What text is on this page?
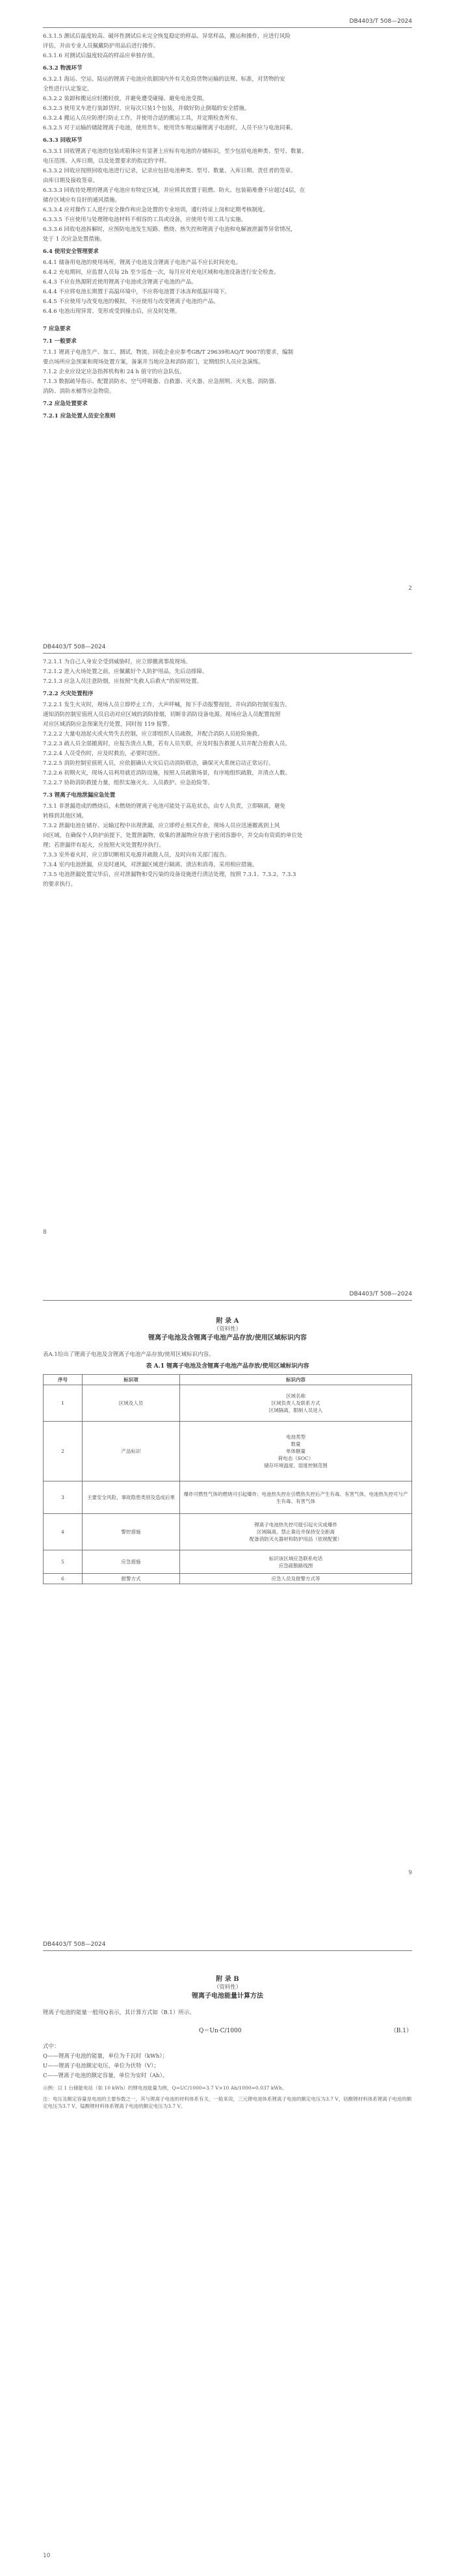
DB4403/T 508—2024

6.3.1.5 测试后温度较高、破坏性测试后未完全恢复稳定的样品、异常样品，搬运和操作，应进行风险

评估，并由专业人员佩戴防护用品后进行操作。

6.3.1.6 对测试后温度较高的样品应单独存放。

6.3.2 物流环节

6.3.2.1 海运、空运、陆运的锂离子电池应依据国内外有关危险货物运输的法规、标准，对货物的安

全性进行认定鉴定。

6.3.2.2 装卸和搬运应轻搬轻放，并避免遭受碰撞、避免电池受损。

6.3.2.3 使用叉车进行装卸货时，应每次只装1个包装，并做好防止倒塌的安全措施。

6.3.2.4 搬运人员应防滑行防止工作，并使用合适的搬运工具，并定期检查所有。

6.3.2.5 对于运输的储能锂离子电池，使用货车，使用货车规运输锂离子电池时，人员不应与电池同乘。

6.3.3 回收环节

6.3.3.1 回收锂离子电池的包装或箱体应有显著上应标有电池的存储标识，至少包括电池种类、型号、数量、

电压范围、入库日期，以及处置要求的指定的字样。

6.3.3.2 回收应按照回收电池进行记录，记录应包括电池种类、型号、数量、入库日期、责任者的签章。

由库日期及接收签章。

6.3.3.3 回收待处理的锂离子电池应有特定区域，并应将其放置于阻燃、防火、包装箱堆叠不应超过4层，在

储存区域应有良好的通风措施。

6.3.3.4 应对操作工人进行安全操作和应急处置的专业培训，遵行持证上岗和定期考核制度。

6.3.3.5 不应使用与处理锂电池材料不相容的工具或设备，应使用专用工具与实施。

6.3.3.6 回收电池拆解时，应预防电池发生短路、燃烧、热失控和锂离子电池和电解液泄漏等异常情况，

处于 1 次应急处置措施。

6.4 使用安全管理要求

6.4.1 储备用电池的使用场所，锂离子电池及含锂离子电池产品不应长时间充电。

6.4.2 充电期间，应监督人员每 2h 至少巡查一次，每月应对充电区域和电池设备进行安全检查。

6.4.3 不应在热源附近使用锂离子电池或含锂离子电池的产品。

6.4.4 不应将电池长期置于高温环境中，不应将电池置于冰冻和低温环境下。

6.4.5 不应使用与改变电池的模拟，不应使用与改变锂离子电池的产品。

6.4.6 电池出现异常、变形或受到撞击后，应及时处理。

7 应急要求

7.1 一般要求

7.1.1 锂离子电池生产、加工、测试、物流、回收企业应参考GB/T 29639和AQ/T 9007的要求，编制

要点场所应急预案和现场处置方案，备案并当地应急和消防部门，定期组织人员应急演练。

7.1.2 企业应设定应急指挥机构和 24 h 值守的应急队伍。

7.1.3 数据疏导指示、配置消防水、空气呼吸器、自救器、灭火器、应急照明、灭火毯、消防器、

消防、消防水桶等应急物资。

7.2 应急处置要求

7.2.1 应急处置人员安全准则

2
DB4403/T 508—2024

7.2.1.1 为自己人身安全受到威胁时，应立即撤离事故现场。

7.2.1.2 进入火场处置之前，应佩戴好个人防护用品，先后动排障。

7.2.1.3 应急人员注意防烟，应按照“先救人后救火”的原则处置。

7.2.2 火灾处置程序

7.2.2.1 发生火灾时，现场人员立即停止工作，大声呼喊，按下手动报警按钮，并向消防控制室报告，

通知消防控制室值班人员启动对应区域的消防排烟，切断非消防设备电源。现场应急人员配置按照

对应区域消防应急预案先行处置，同时按 119 报警。

7.2.2.2 大量电池起火或火势失去控制，应立即组织人员疏散，并配合消防人员抢险施救。

7.2.2.3 疏人员全部撤离时，应报告清点人数，若有人员失联，应及时报告救援人员并配合抢救人员。

7.2.2.4 人员受伤时，应及时救治，必要时送医。

7.2.2.5 消防控制室值班人员，应依据确认火灾后启动消防联动，确保灭火系统启动正常运行。

7.2.2.6 初期火灾，现场人员利用就近消防设施，按照人员疏散场景，有序地组织疏散，并清点人数。

7.2.2.7 协助消防救援力量，组织实施灭火、人员救护、应急抢险等。

7.3 锂离子电池泄漏应急处置

7.3.1 非泄漏造成的燃烧后，未燃烧的锂离子电池可能处于高危状态，由专人负责，立即隔离，避免

转移到其他区域。

7.3.2 泄漏电池在储存、运输过程中出现泄漏，应立即停止相关作业，现场人员应迅速撤离到上风

向区域，在确保个人防护前提下，处置泄漏物，收集的泄漏物应存放于密闭容器中，并交由有资质的单位处

理；若泄漏伴有起火，应按照火灾处置程序执行。

7.3.3 室外着火时，应立即切断相关电源并疏散人员，及时向有关部门报告。

7.3.4 室内电池泄漏，应及时通风，对泄漏区域进行隔离、清洁和消毒，采用相应措施。

7.3.5 电池泄漏处置完毕后，应对泄漏物和受污染的设备设施进行清洁处理，按照 7.3.1、7.3.2、7.3.3

的要求执行。

8
DB4403/T 508—2024
附 录 A
（资料性）
锂离子电池及含锂离子电池产品存放/使用区域标识内容
表A.1给出了锂离子电池及含锂离子电池产品存放/使用区域标识内容。
表 A.1 锂离子电池及含锂离子电池产品存放/使用区域标识内容
序号	标识项	标识内容
1	区域及人员	区域名称
区域负责人及联系方式
区域隔离，限制人员进入

2	产品标识	电池类型
数量
单体额量
荷电态（SOC）
储存环境温度、湿度控制范围

3	主要安全风险，事故隐患类别及造成后果	爆炸可燃性气体的燃烧可引起爆炸；电池热失控在引燃热失控后产生有毒、有害气体，电池热失控可与产生有毒、有害气体

4	警控措施	锂离子电池热失控可能引起火灾或爆炸
区域隔离，禁止靠近并保持安全距离
配备消防灭火器材和防护用品（依规配置）

5	应急措施	标识该区域应急联系电话
应急疏散路线图

6	报警方式	应急人员及报警方式等
9
DB4403/T 508—2024
附 录 B
（资料性）
锂离子电池能量计算方法
锂离子电池的能量一般用Q表示，其计算方式如（B.1）所示。
Q＝Un·C/1000	（B.1）

式中：

Q——锂离子电池的能量，单位为千瓦时（kWh）；

U——锂离子电池额定电压，单位为伏特（V）；

C——锂离子电池的额定容量，单位为安时（Ah）。

示例：以 1 台储能电站（如 10 kWh）的锂电池能量为例，Q=UC/1000=3.7 V×10 Ah/1000=0.037 kWh。

注：电压及额定容量是电池的主要参数之一，其与锂离子电池的材料体系有关，一般来说，三元锂电池体系锂离子电池的额定电压为3.7 V，钴酸锂材料体系锂离子电池的额定电压为3.7 V，锰酸锂材料体系锂离子电池的额定电压为3.7 V。

10
